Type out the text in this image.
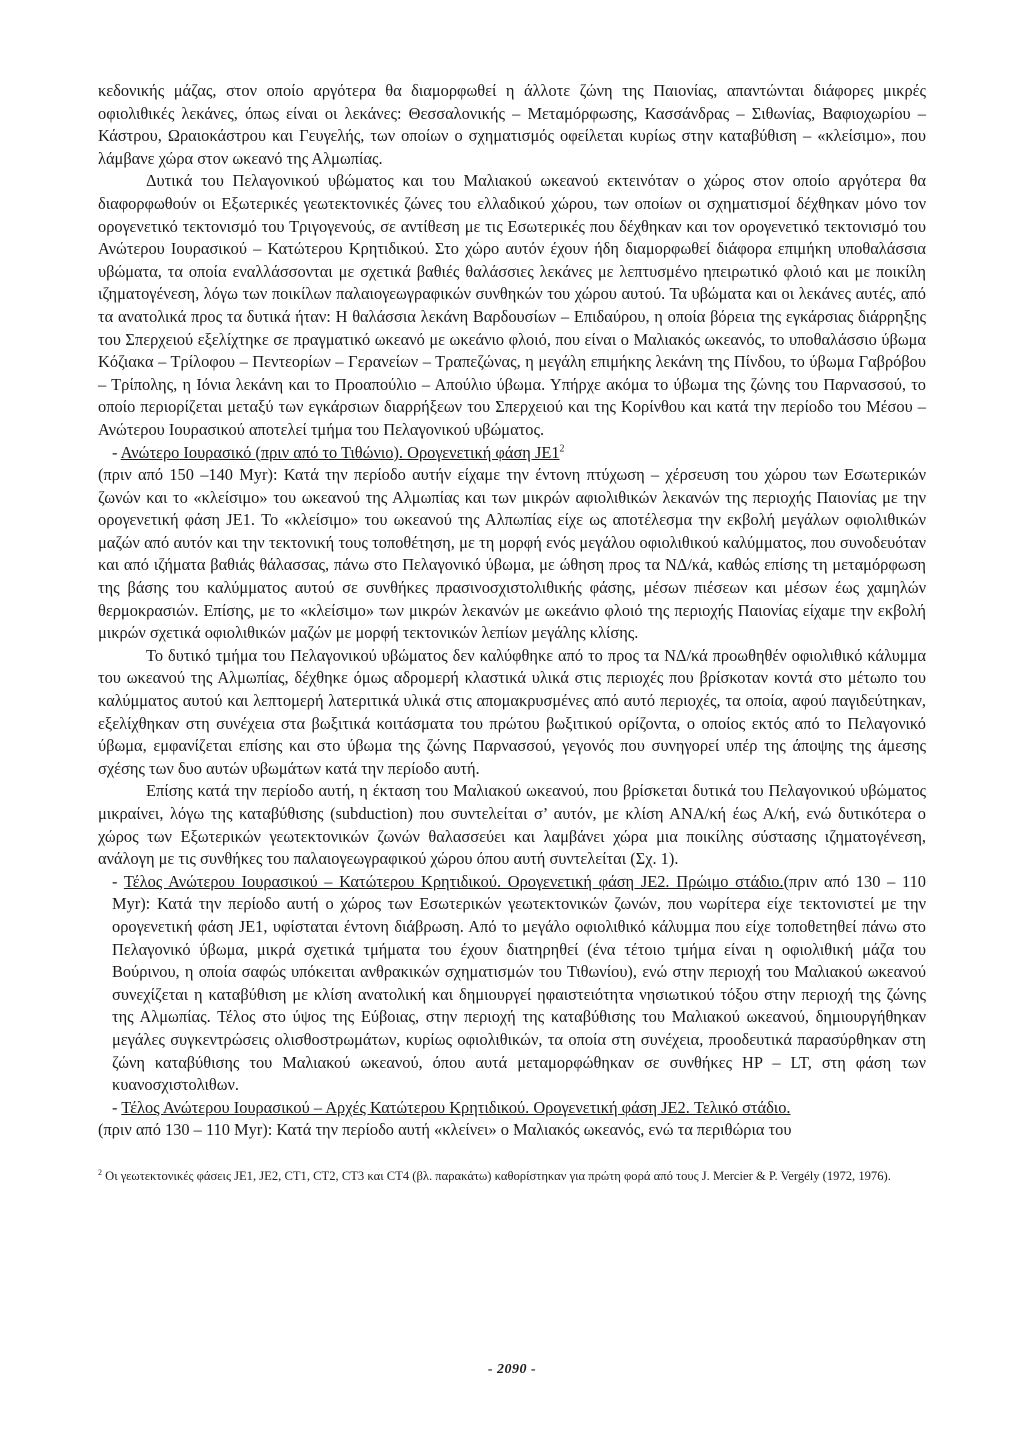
κεδονικής μάζας, στον οποίο αργότερα θα διαμορφωθεί η άλλοτε ζώνη της Παιονίας, απαντώνται διάφορες μικρές οφιολιθικές λεκάνες, όπως είναι οι λεκάνες: Θεσσαλονικής – Μεταμόρφωσης, Κασσάνδρας – Σιθωνίας, Βαφιοχωρίου – Κάστρου, Ωραιοκάστρου και Γευγελής, των οποίων ο σχηματισμός οφείλεται κυρίως στην καταβύθιση – «κλείσιμο», που λάμβανε χώρα στον ωκεανό της Αλμωπίας.

Δυτικά του Πελαγονικού υβώματος και του Μαλιακού ωκεανού εκτεινόταν ο χώρος στον οποίο αργότερα θα διαφορφωθούν οι Εξωτερικές γεωτεκτονικές ζώνες του ελλαδικού χώρου, των οποίων οι σχηματισμοί δέχθηκαν μόνο τον ορογενετικό τεκτονισμό του Τριγογενούς, σε αντίθεση με τις Εσωτερικές που δέχθηκαν και τον ορογενετικό τεκτονισμό του Ανώτερου Ιουρασικού – Κατώτερου Κρητιδικού. Στο χώρο αυτόν έχουν ήδη διαμορφωθεί διάφορα επιμήκη υποθαλάσσια υβώματα, τα οποία εναλλάσσονται με σχετικά βαθιές θαλάσσιες λεκάνες με λεπτυσμένο ηπειρωτικό φλοιό και με ποικίλη ιζηματογένεση, λόγω των ποικίλων παλαιογεωγραφικών συνθηκών του χώρου αυτού. Τα υβώματα και οι λεκάνες αυτές, από τα ανατολικά προς τα δυτικά ήταν: Η θαλάσσια λεκάνη Βαρδουσίων – Επιδαύρου, η οποία βόρεια της εγκάρσιας διάρρηξης του Σπερχειού εξελίχτηκε σε πραγματικό ωκεανό με ωκεάνιο φλοιό, που είναι ο Μαλιακός ωκεανός, το υποθαλάσσιο ύβωμα Κόζιακα – Τρίλοφου – Πεντεορίων – Γερανείων – Τραπεζώνας, η μεγάλη επιμήκης λεκάνη της Πίνδου, το ύβωμα Γαβρόβου – Τρίπολης, η Ιόνια λεκάνη και το Προαπούλιο – Απούλιο ύβωμα. Υπήρχε ακόμα το ύβωμα της ζώνης του Παρνασσού, το οποίο περιορίζεται μεταξύ των εγκάρσιων διαρρήξεων του Σπερχειού και της Κορίνθου και κατά την περίοδο του Μέσου – Ανώτερου Ιουρασικού αποτελεί τμήμα του Πελαγονικού υβώματος.

- Ανώτερο Ιουρασικό (πριν από το Τιθώνιο). Ορογενετική φάση $JE1^2$

(πριν από 150 –140 Μyr): Κατά την περίοδο αυτήν είχαμε την έντονη πτύχωση – χέρσευση του χώρου των Εσωτερικών ζωνών και το «κλείσιμο» του ωκεανού της Αλμωπίας και των μικρών αφιολιθικών λεκανών της περιοχής Παιονίας με την ορογενετική φάση JE1. Το «κλείσιμο» του ωκεανού της Αλπωπίας είχε ως αποτέλεσμα την εκβολή μεγάλων οφιολιθικών μαζών από αυτόν και την τεκτονική τους τοποθέτηση, με τη μορφή ενός μεγάλου οφιολιθικού καλύμματος, που συνοδευόταν και από ιζήματα βαθιάς θάλασσας, πάνω στο Πελαγονικό ύβωμα, με ώθηση προς τα ΝΔ/κά, καθώς επίσης τη μεταμόρφωση της βάσης του καλύμματος αυτού σε συνθήκες πρασινοσχιστολιθικής φάσης, μέσων πιέσεων και μέσων έως χαμηλών θερμοκρασιών. Επίσης, με το «κλείσιμο» των μικρών λεκανών με ωκεάνιο φλοιό της περιοχής Παιονίας είχαμε την εκβολή μικρών σχετικά οφιολιθικών μαζών με μορφή τεκτονικών λεπίων μεγάλης κλίσης.

Το δυτικό τμήμα του Πελαγονικού υβώματος δεν καλύφθηκε από το προς τα ΝΔ/κά προωθηθέν οφιολιθικό κάλυμμα του ωκεανού της Αλμωπίας, δέχθηκε όμως αδρομερή κλαστικά υλικά στις περιοχές που βρίσκοταν κοντά στο μέτωπο του καλύμματος αυτού και λεπτομερή λατεριτικά υλικά στις απομακρυσμένες από αυτό περιοχές, τα οποία, αφού παγιδεύτηκαν, εξελίχθηκαν στη συνέχεια στα βωξιτικά κοιτάσματα του πρώτου βωξιτικού ορίζοντα, ο οποίος εκτός από το Πελαγονικό ύβωμα, εμφανίζεται επίσης και στο ύβωμα της ζώνης Παρνασσού, γεγονός που συνηγορεί υπέρ της άποψης της άμεσης σχέσης των δυο αυτών υβωμάτων κατά την περίοδο αυτή.

Επίσης κατά την περίοδο αυτή, η έκταση του Μαλιακού ωκεανού, που βρίσκεται δυτικά του Πελαγονικού υβώματος μικραίνει, λόγω της καταβύθισης (subduction) που συντελείται σ’ αυτόν, με κλίση ΑΝΑ/κή έως Α/κή, ενώ δυτικότερα ο χώρος των Εξωτερικών γεωτεκτονικών ζωνών θαλασσεύει και λαμβάνει χώρα μια ποικίλης σύστασης ιζηματογένεση, ανάλογη με τις συνθήκες του παλαιογεωγραφικού χώρου όπου αυτή συντελείται (Σχ. 1).

- Τέλος Ανώτερου Ιουρασικού – Κατώτερου Κρητιδικού. Ορογενετική φάση JE2. Πρώιμο στάδιο.(πριν από 130 – 110 Μyr): Κατά την περίοδο αυτή ο χώρος των Εσωτερικών γεωτεκτονικών ζωνών, που νωρίτερα είχε τεκτονιστεί με την ορογενετική φάση JE1, υφίσταται έντονη διάβρωση. Από το μεγάλο οφιολιθικό κάλυμμα που είχε τοποθετηθεί πάνω στο Πελαγονικό ύβωμα, μικρά σχετικά τμήματα του έχουν διατηρηθεί (ένα τέτοιο τμήμα είναι η οφιολιθική μάζα του Βούρινου, η οποία σαφώς υπόκειται ανθρακικών σχηματισμών του Τιθωνίου), ενώ στην περιοχή του Μαλιακού ωκεανού συνεχίζεται η καταβύθιση με κλίση ανατολική και δημιουργεί ηφαιστειότητα νησιωτικού τόξου στην περιοχή της ζώνης της Αλμωπίας. Τέλος στο ύψος της Εύβοιας, στην περιοχή της καταβύθισης του Μαλιακού ωκεανού, δημιουργήθηκαν μεγάλες συγκεντρώσεις ολισθοστρωμάτων, κυρίως οφιολιθικών, τα οποία στη συνέχεια, προοδευτικά παρασύρθηκαν στη ζώνη καταβύθισης του Μαλιακού ωκεανού, όπου αυτά μεταμορφώθηκαν σε συνθήκες HP – LT, στη φάση των κυανοσχιστολιθων.

- Τέλος Ανώτερου Ιουρασικού – Αρχές Κατώτερου Κρητιδικού. Ορογενετική φάση JE2. Τελικό στάδιο.

(πριν από 130 – 110 Μyr): Κατά την περίοδο αυτή «κλείνει» ο Μαλιακός ωκεανός, ενώ τα περιθώρια του

$^2$ Οι γεωτεκτονικές φάσεις JE1, JE2, CT1, CT2, CT3 και CT4 (βλ. παρακάτω) καθορίστηκαν για πρώτη φορά από τους J. Mercier & P. Vergély (1972, 1976).
- 2090 -
